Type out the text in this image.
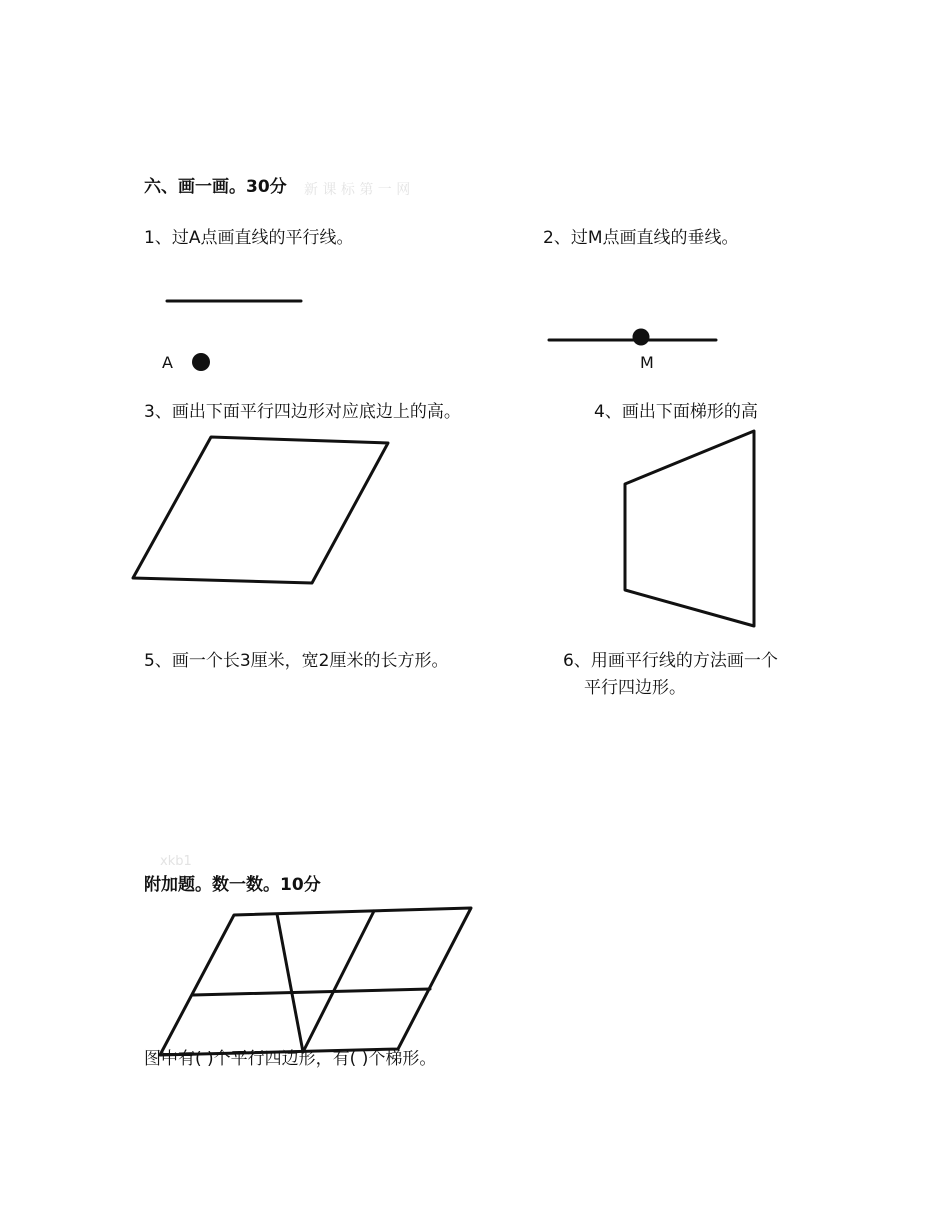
六、画一画。30分 新 课 标 第 一 网
1、过A点画直线的平行线。	2、过M点画直线的垂线。
A	M
3、画出下面平行四边形对应底边上的高。	4、画出下面梯形的高
5、画一个长3厘米，宽2厘米的长方形。	6、用画平行线的方法画一个
平行四边形。
xkb1
附加题。数一数。10分
图中有( )个平行四边形，有( )个梯形。
